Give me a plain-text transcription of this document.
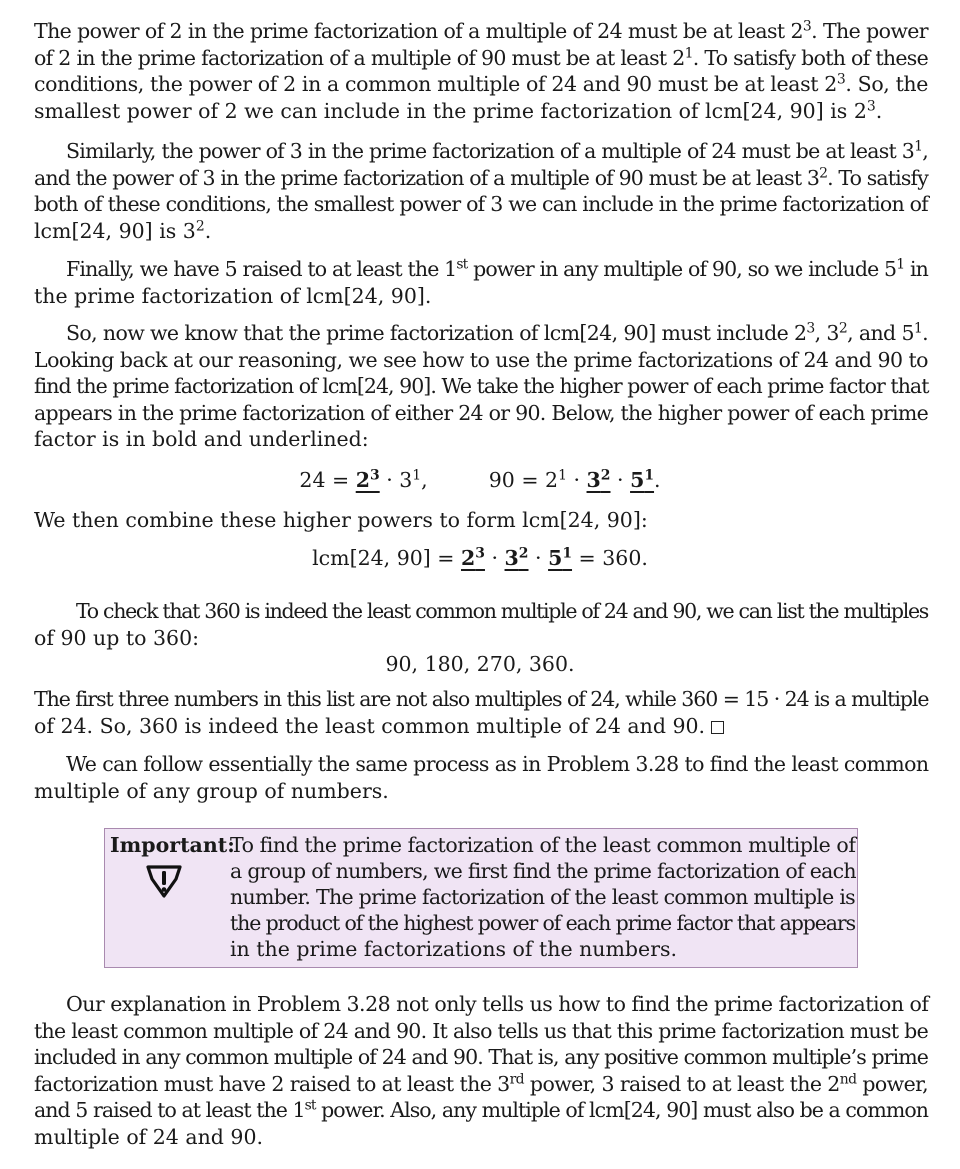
The power of 2 in the prime factorization of a multiple of 24 must be at least $2^3$. The power
of 2 in the prime factorization of a multiple of 90 must be at least $2^1$. To satisfy both of these
conditions, the power of 2 in a common multiple of 24 and 90 must be at least $2^3$. So, the
smallest power of 2 we can include in the prime factorization of lcm[24, 90] is $2^3$.
Similarly, the power of 3 in the prime factorization of a multiple of 24 must be at least $3^1$,
and the power of 3 in the prime factorization of a multiple of 90 must be at least $3^2$. To satisfy
both of these conditions, the smallest power of 3 we can include in the prime factorization of
lcm[24, 90] is $3^2$.
Finally, we have 5 raised to at least the 1st power in any multiple of 90, so we include $5^1$ in
the prime factorization of lcm[24, 90].
So, now we know that the prime factorization of lcm[24, 90] must include $2^3$, $3^2$, and $5^1$.
Looking back at our reasoning, we see how to use the prime factorizations of 24 and 90 to
find the prime factorization of lcm[24, 90]. We take the higher power of each prime factor that
appears in the prime factorization of either 24 or 90. Below, the higher power of each prime
factor is in bold and underlined:
$24 = 2^3 \cdot 3^1$,	$90 = 2^1 \cdot 3^2 \cdot 5^1$.
We then combine these higher powers to form lcm[24, 90]:
lcm[24, $90] = 2^3 \cdot 3^2 \cdot 5^1 = 360$.
To check that 360 is indeed the least common multiple of 24 and 90, we can list the multiples
of 90 up to 360:
90, 180, 270, 360.
The first three numbers in this list are not also multiples of 24, while 360 = 15 · 24 is a multiple
of 24. So, 360 is indeed the least common multiple of 24 and 90.
We can follow essentially the same process as in Problem 3.28 to find the least common
multiple of any group of numbers.
Important:
To find the prime factorization of the least common multiple of
a group of numbers, we first find the prime factorization of each
number. The prime factorization of the least common multiple is
the product of the highest power of each prime factor that appears
in the prime factorizations of the numbers.
Our explanation in Problem 3.28 not only tells us how to find the prime factorization of
the least common multiple of 24 and 90. It also tells us that this prime factorization must be
included in any common multiple of 24 and 90. That is, any positive common multiple’s prime
factorization must have 2 raised to at least the 3rd power, 3 raised to at least the 2nd power,
and 5 raised to at least the 1st power. Also, any multiple of lcm[24, 90] must also be a common
multiple of 24 and 90.
